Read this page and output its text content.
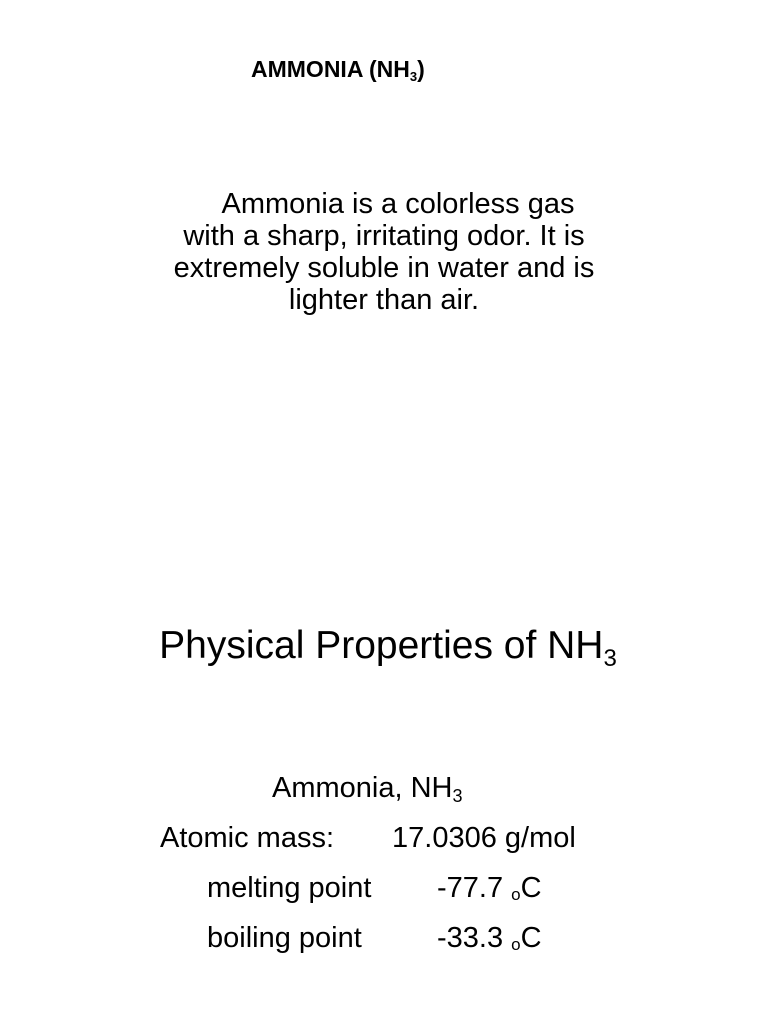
AMMONIA $(NH_3)$
Ammonia is a colorless gas
with a sharp, irritating odor. It is
extremely soluble in water and is
lighter than air.
Physical Properties of $NH_3$
Ammonia, $NH_3$
Atomic mass: 17.0306 g/mol
melting point -77.7 oC
boiling point	-33.3 oC
